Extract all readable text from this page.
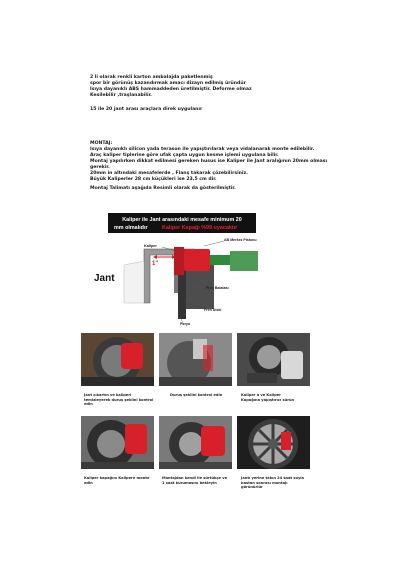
2 li olarak renkli karton ambalajda paketlenmiş
spor bir görünüş kazandırmak amacı dizayn edilmiş üründür
Isıya dayanıklı ABS hammaddeden üretilmiştir. Deforme olmaz
Kesilebilir ,traşlanabilir.
15 ile 20 jant arası araçlara direk uygulanır
MONTAJ:
Isıya dayanıklı silicon yada terason ile yapıştırılarak veya vidalanarak monte edilebilir.
Araç kaliper tiplerine göre ufak çapta uygun kesme işlemi uygulana bilir.
Montaj yapılırken dikkat edilmesi gereken husus ise Kaliper ile Jant aralığının 20mm olması
gerekir.
20mm in altındaki mesafelerde , Flanş takarak çözebilirsiniz.
Büyük Kaliperler 28 cm küçükleri ise 23,5 cm dir.
Montaj Talimatı aşağıda Resimli olarak da gösterilmiştir.
Kaliper ile Jant arasındaki mesafe minimum 20
mm olmalıdır	Kaliper Kapağı %99 uyacaktır
Kaliper
1"
Jant
AB Merkez Pistonu
Fren Balatası
Fren Diski
Porya
Jant çıkartın ve kaliperi
temizleyerek duruş şeklini kontrol
edin
Duruş şeklini kontrol edin	Kaliper a ve Kaliper
Kapağına yapıştırıcı sürün
Kaliper kapağını Kalipere monte
edin
Montajdan kendi ile sürtükçe ve
1 saat kurumasını bekleyin
Jantı yerine takın 24 saat soyla
bastan sonrası montajı
görünürlür
